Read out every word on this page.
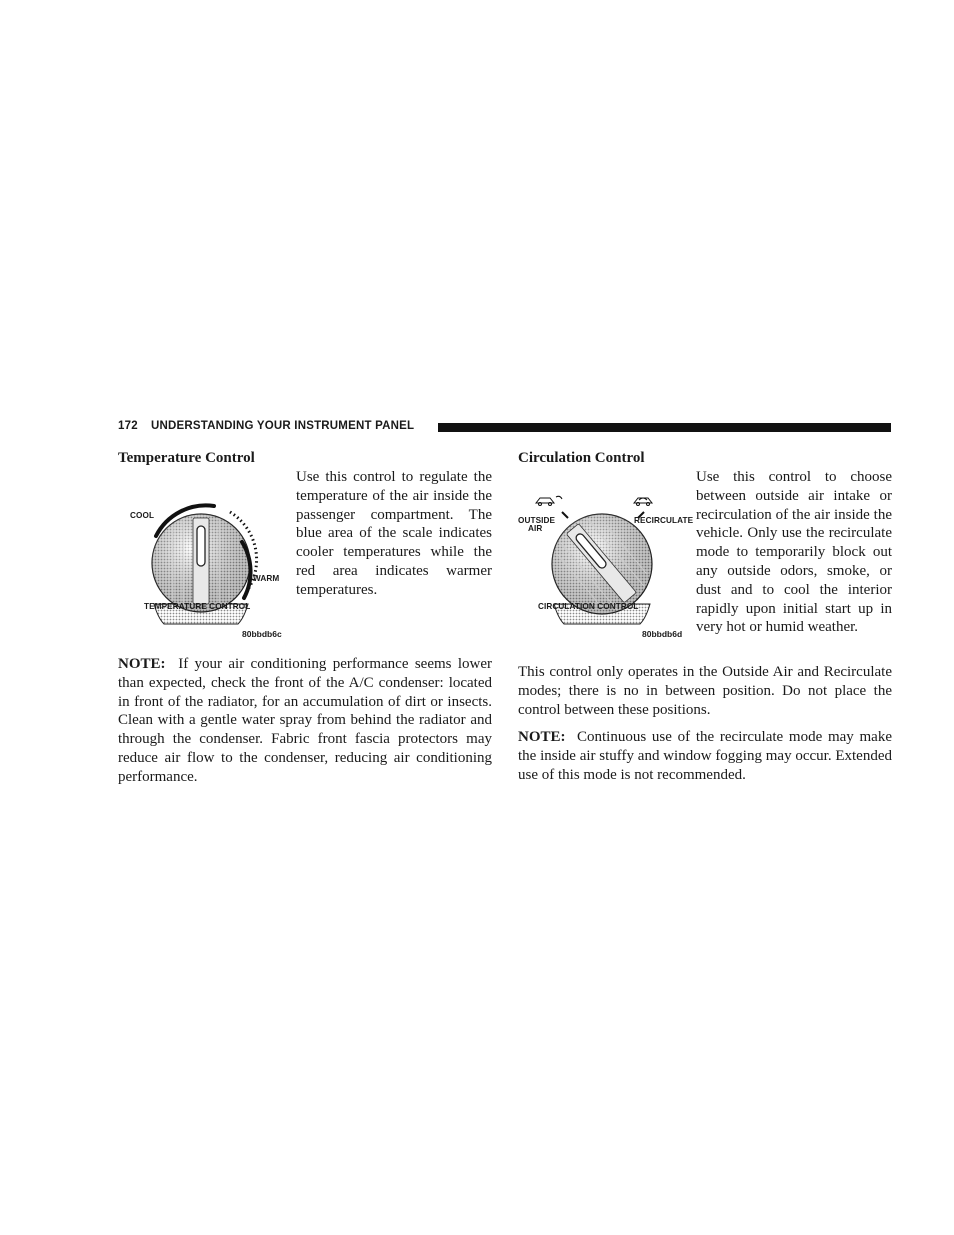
172 UNDERSTANDING YOUR INSTRUMENT PANEL
Temperature Control
COOL
WARM
TEMPERATURE CONTROL
80bbdb6c
Use this control to regulate the temperature of the air inside the passenger compartment. The blue area of the scale indicates cooler temperatures while the red area indicates warmer temperatures.

NOTE: If your air conditioning performance seems lower than expected, check the front of the A/C condenser: located in front of the radiator, for an accumulation of dirt or insects. Clean with a gentle water spray from behind the radiator and through the condenser. Fabric front fascia protectors may reduce air flow to the condenser, reducing air conditioning performance.

Circulation Control
OUTSIDE
AIR
RECIRCULATE
CIRCULATION CONTROL
80bbdb6d
Use this control to choose between outside air intake or recirculation of the air inside the vehicle. Only use the recirculate mode to temporarily block out any outside odors, smoke, or dust and to cool the interior rapidly upon initial start up in very hot or humid weather.

This control only operates in the Outside Air and Recirculate modes; there is no in between position. Do not place the control between these positions.

NOTE: Continuous use of the recirculate mode may make the inside air stuffy and window fogging may occur. Extended use of this mode is not recommended.
